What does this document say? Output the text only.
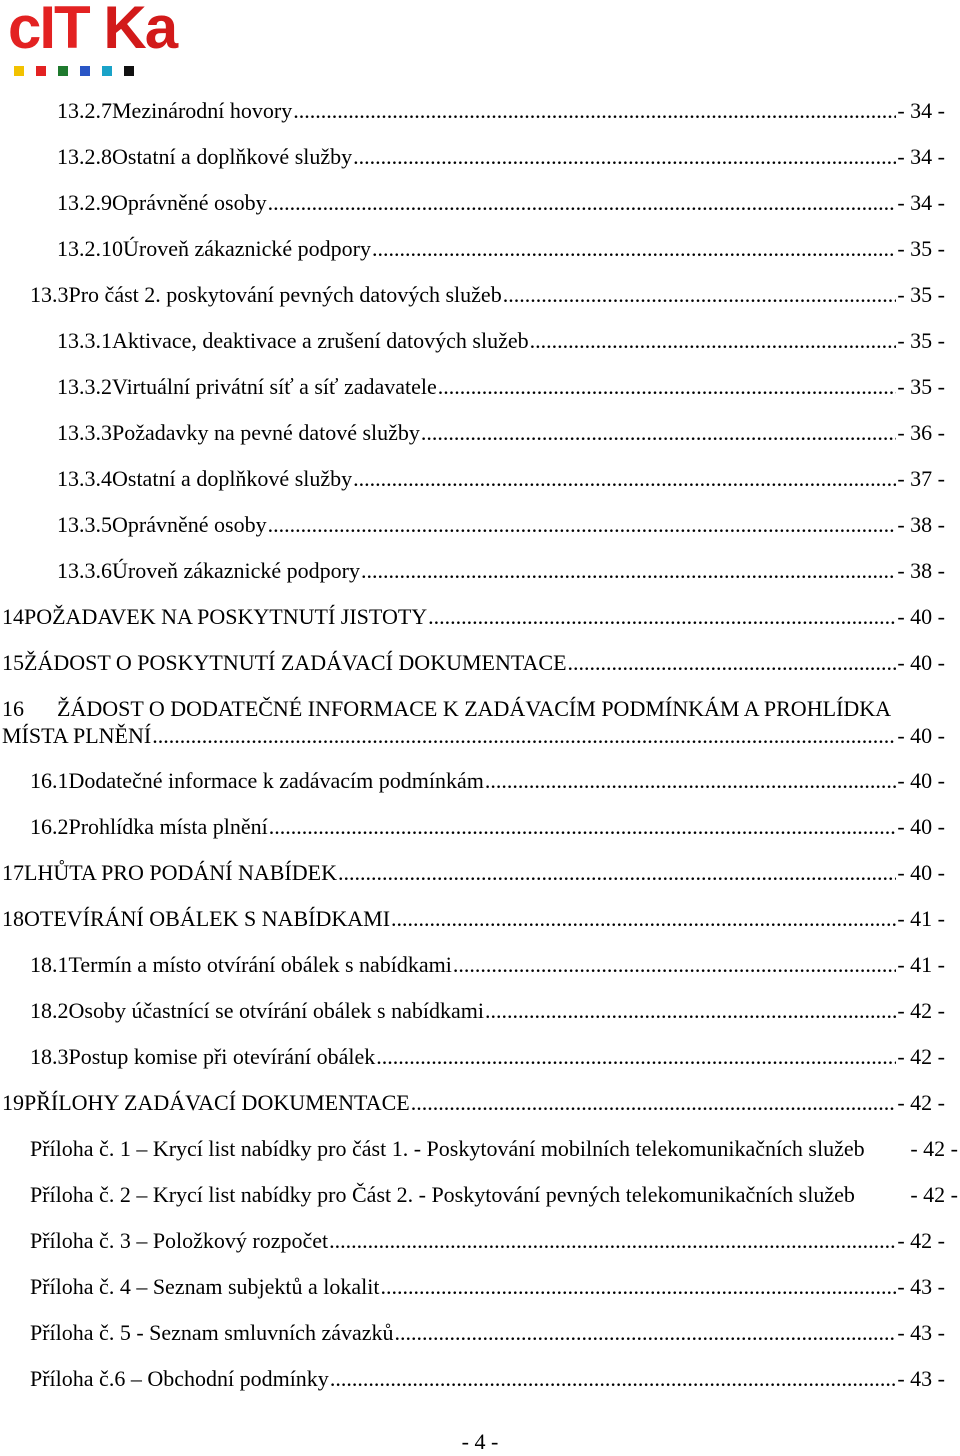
cIT Ka
13.2.7 Mezinárodní hovory .....	- 34 -
13.2.8 Ostatní a doplňkové služby .....	- 34 -
13.2.9 Oprávněné osoby .....	- 34 -
13.2.10 Úroveň zákaznické podpory .....	- 35 -
13.3 Pro část 2. poskytování pevných datových služeb .....	- 35 -
13.3.1 Aktivace, deaktivace a zrušení datových služeb .....	- 35 -
13.3.2 Virtuální privátní síť a síť zadavatele .....	- 35 -
13.3.3 Požadavky na pevné datové služby .....	- 36 -
13.3.4 Ostatní a doplňkové služby .....	- 37 -
13.3.5 Oprávněné osoby .....	- 38 -
13.3.6 Úroveň zákaznické podpory .....	- 38 -
14 POŽADAVEK NA POSKYTNUTÍ JISTOTY .....	- 40 -
15 ŽÁDOST O POSKYTNUTÍ ZADÁVACÍ DOKUMENTACE .....	- 40 -
16 ŽÁDOST O DODATEČNÉ INFORMACE K ZADÁVACÍM PODMÍNKÁM A PROHLÍDKA
MÍSTA PLNĚNÍ .....	- 40 -
16.1 Dodatečné informace k zadávacím podmínkám .....	- 40 -
16.2 Prohlídka místa plnění .....	- 40 -
17 LHŮTA PRO PODÁNÍ NABÍDEK .....	- 40 -
18 OTEVÍRÁNÍ OBÁLEK S NABÍDKAMI .....	- 41 -
18.1 Termín a místo otvírání obálek s nabídkami .....	- 41 -
18.2 Osoby účastnící se otvírání obálek s nabídkami .....	- 42 -
18.3 Postup komise při otevírání obálek .....	- 42 -
19 PŘÍLOHY ZADÁVACÍ DOKUMENTACE .....	- 42 -
Příloha č. 1 – Krycí list nabídky pro část 1. - Poskytování mobilních telekomunikačních služeb - 42 -
Příloha č. 2 – Krycí list nabídky pro Část 2. - Poskytování pevných telekomunikačních služeb	- 42 -
Příloha č. 3 – Položkový rozpočet .....	- 42 -
Příloha č. 4 – Seznam subjektů a lokalit .....	- 43 -
Příloha č. 5 - Seznam smluvních závazků .....	- 43 -
Příloha č.6 – Obchodní podmínky .....	- 43 -
- 4 -
